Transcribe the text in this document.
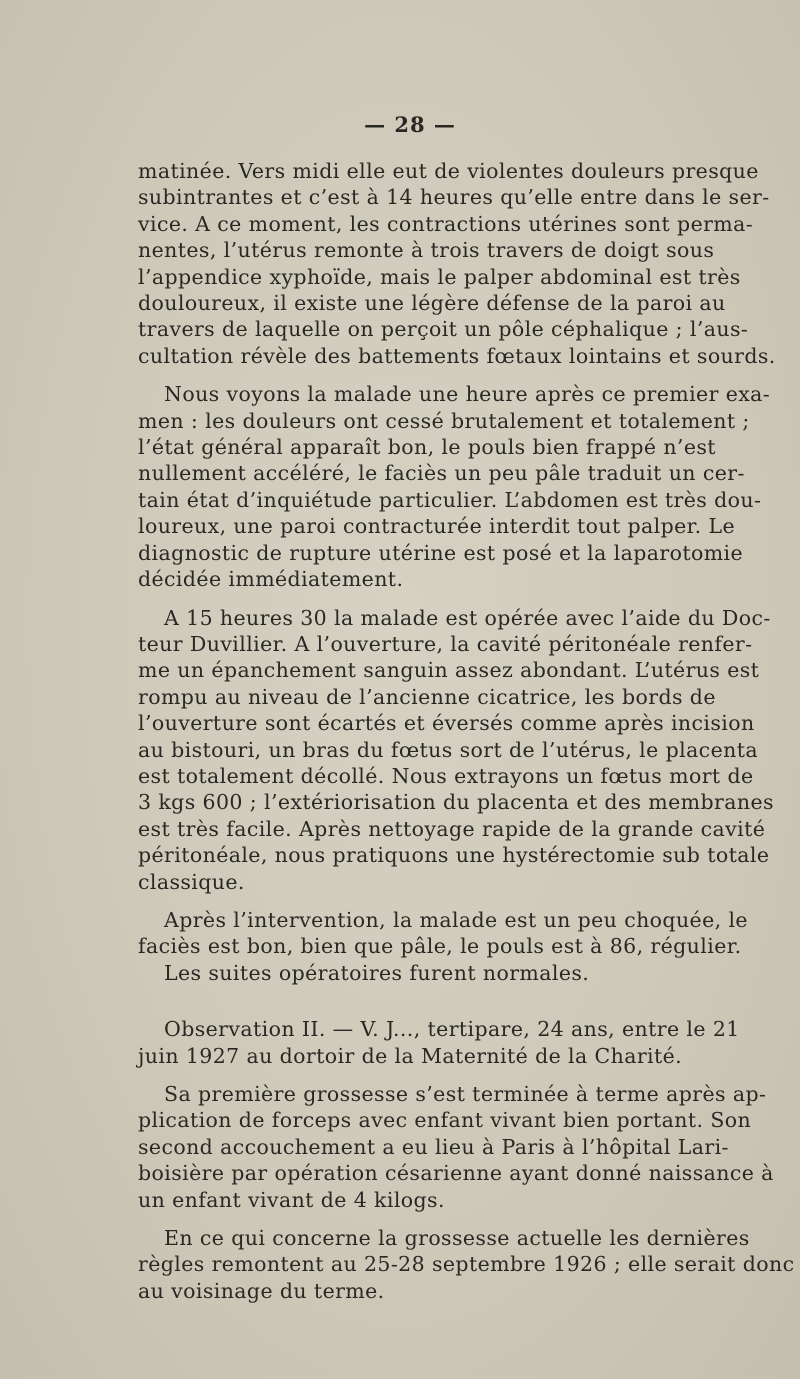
— 28 —
matinée. Vers midi elle eut de violentes douleurs presque
subintrantes et c’est à 14 heures qu’elle entre dans le ser-
vice. A ce moment, les contractions utérines sont perma-
nentes, l’utérus remonte à trois travers de doigt sous
l’appendice xyphoïde, mais le palper abdominal est très
douloureux, il existe une légère défense de la paroi au
travers de laquelle on perçoit un pôle céphalique ; l’aus-
cultation révèle des battements fœtaux lointains et sourds.
Nous voyons la malade une heure après ce premier exa-
men : les douleurs ont cessé brutalement et totalement ;
l’état général apparaît bon, le pouls bien frappé n’est
nullement accéléré, le faciès un peu pâle traduit un cer-
tain état d’inquiétude particulier. L’abdomen est très dou-
loureux, une paroi contracturée interdit tout palper. Le
diagnostic de rupture utérine est posé et la laparotomie
décidée immédiatement.
A 15 heures 30 la malade est opérée avec l’aide du Doc-
teur Duvillier. A l’ouverture, la cavité péritonéale renfer-
me un épanchement sanguin assez abondant. L’utérus est
rompu au niveau de l’ancienne cicatrice, les bords de
l’ouverture sont écartés et éversés comme après incision
au bistouri, un bras du fœtus sort de l’utérus, le placenta
est totalement décollé. Nous extrayons un fœtus mort de
3 kgs 600 ; l’extériorisation du placenta et des membranes
est très facile. Après nettoyage rapide de la grande cavité
péritonéale, nous pratiquons une hystérectomie sub totale
classique.
Après l’intervention, la malade est un peu choquée, le
faciès est bon, bien que pâle, le pouls est à 86, régulier.
Les suites opératoires furent normales.
Observation II. — V. J..., tertipare, 24 ans, entre le 21
juin 1927 au dortoir de la Maternité de la Charité.
Sa première grossesse s’est terminée à terme après ap-
plication de forceps avec enfant vivant bien portant. Son
second accouchement a eu lieu à Paris à l’hôpital Lari-
boisière par opération césarienne ayant donné naissance à
un enfant vivant de 4 kilogs.
En ce qui concerne la grossesse actuelle les dernières
règles remontent au 25-28 septembre 1926 ; elle serait donc
au voisinage du terme.
